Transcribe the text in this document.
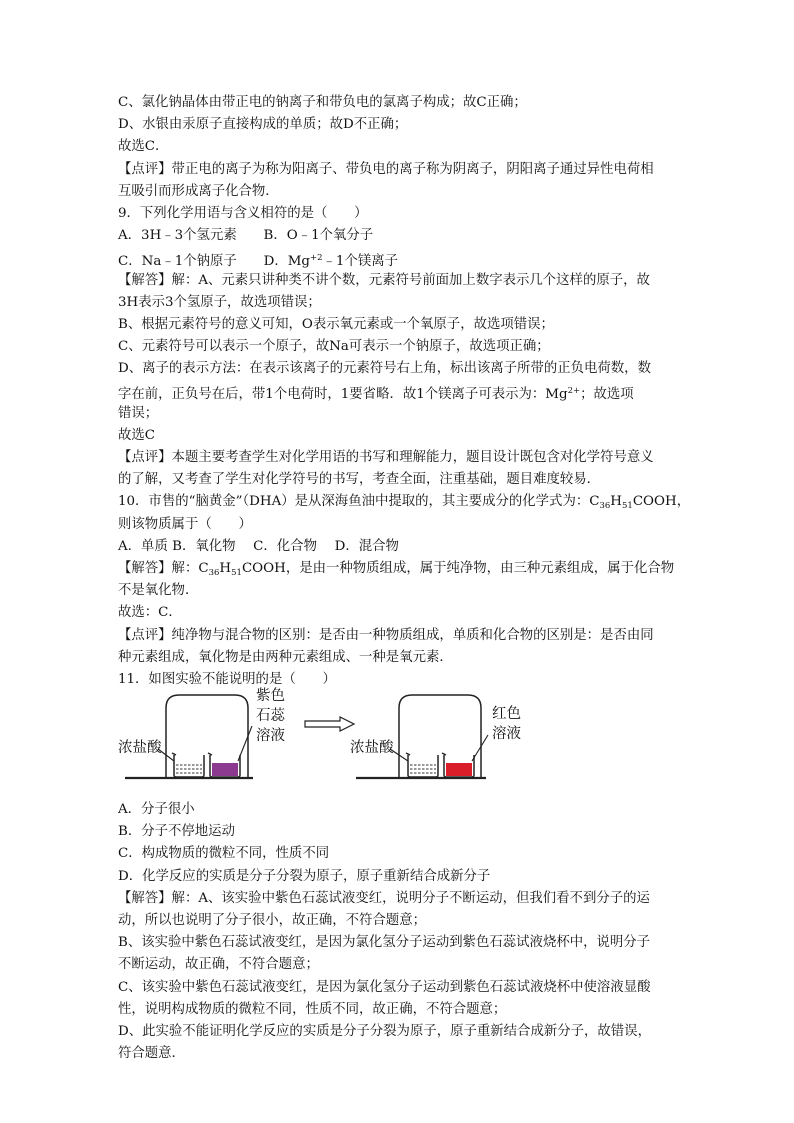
C、氯化钠晶体由带正电的钠离子和带负电的氯离子构成；故C正确；
D、水银由汞原子直接构成的单质；故D不正确；
故选C．
【点评】带正电的离子为称为阳离子、带负电的离子称为阴离子，阴阳离子通过异性电荷相
互吸引而形成离子化合物．
9．下列化学用语与含义相符的是（　　）
A．3H﹣3个氢元素　　B．O﹣1个氧分子
C．Na﹣1个钠原子　　D．$Mg^{+2}﹣1$个镁离子
【解答】解：A、元素只讲种类不讲个数，元素符号前面加上数字表示几个这样的原子，故
3H表示3个氢原子，故选项错误；
B、根据元素符号的意义可知，O表示氧元素或一个氧原子，故选项错误；
C、元素符号可以表示一个原子，故Na可表示一个钠原子，故选项正确；
D、离子的表示方法：在表示该离子的元素符号右上角，标出该离子所带的正负电荷数，数
字在前，正负号在后，带1个电荷时，1要省略．故1个镁离子可表示为：$Mg^{2+}$；故选项
错误；
故选C
【点评】本题主要考查学生对化学用语的书写和理解能力，题目设计既包含对化学符号意义
的了解，又考查了学生对化学符号的书写，考查全面，注重基础，题目难度较易．
10．市售的“脑黄金”（DHA）是从深海鱼油中提取的，其主要成分的化学式为：$C_{36}H_{51}COOH$，
则该物质属于（　　）
A．单质 B．氧化物　 C．化合物　 D．混合物
【解答】解：$C_{36}H_{51}COOH$，是由一种物质组成，属于纯净物，由三种元素组成，属于化合物
不是氧化物．
故选：C．
【点评】纯净物与混合物的区别：是否由一种物质组成，单质和化合物的区别是：是否由同
种元素组成，氧化物是由两种元素组成、一种是氧元素．
11．如图实验不能说明的是（　　）
浓盐酸
紫色
石蕊
溶液
浓盐酸
红色
溶液
A．分子很小
B．分子不停地运动
C．构成物质的微粒不同，性质不同
D．化学反应的实质是分子分裂为原子，原子重新结合成新分子
【解答】解：A、该实验中紫色石蕊试液变红，说明分子不断运动，但我们看不到分子的运
动，所以也说明了分子很小，故正确，不符合题意；
B、该实验中紫色石蕊试液变红，是因为氯化氢分子运动到紫色石蕊试液烧杯中，说明分子
不断运动，故正确，不符合题意；
C、该实验中紫色石蕊试液变红，是因为氯化氢分子运动到紫色石蕊试液烧杯中使溶液显酸
性，说明构成物质的微粒不同，性质不同，故正确，不符合题意；
D、此实验不能证明化学反应的实质是分子分裂为原子，原子重新结合成新分子，故错误，
符合题意．
